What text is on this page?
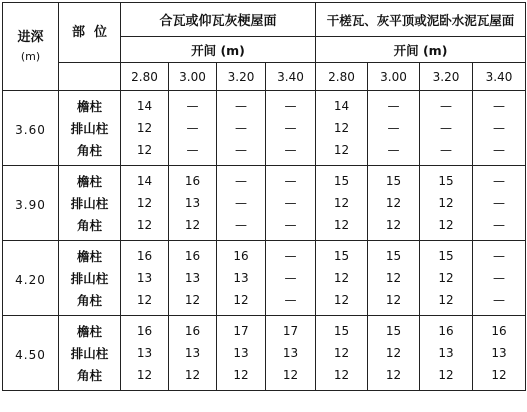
进深
(m)	部  位	合瓦或仰瓦灰梗屋面				干槎瓦、灰平顶或泥卧水泥瓦屋面			
		开间 (m)				开间 (m)			
		2.80	3.00	3.20	3.40	2.80	3.00	3.20	3.40
3.60	檐柱	14	—	—	—	14	—	—	—
	排山柱	12	—	—	—	12	—	—	—
	角柱	12	—	—	—	12	—	—	—
3.90	檐柱	14	16	—	—	15	15	15	—
	排山柱	12	13	—	—	12	12	12	—
	角柱	12	12	—	—	12	12	12	—
4.20	檐柱	16	16	16	—	15	15	15	—
	排山柱	13	13	13	—	12	12	12	—
	角柱	12	12	12	—	12	12	12	—
4.50	檐柱	16	16	17	17	15	15	16	16
	排山柱	13	13	13	13	12	12	13	13
	角柱	12	12	12	12	12	12	12	12
